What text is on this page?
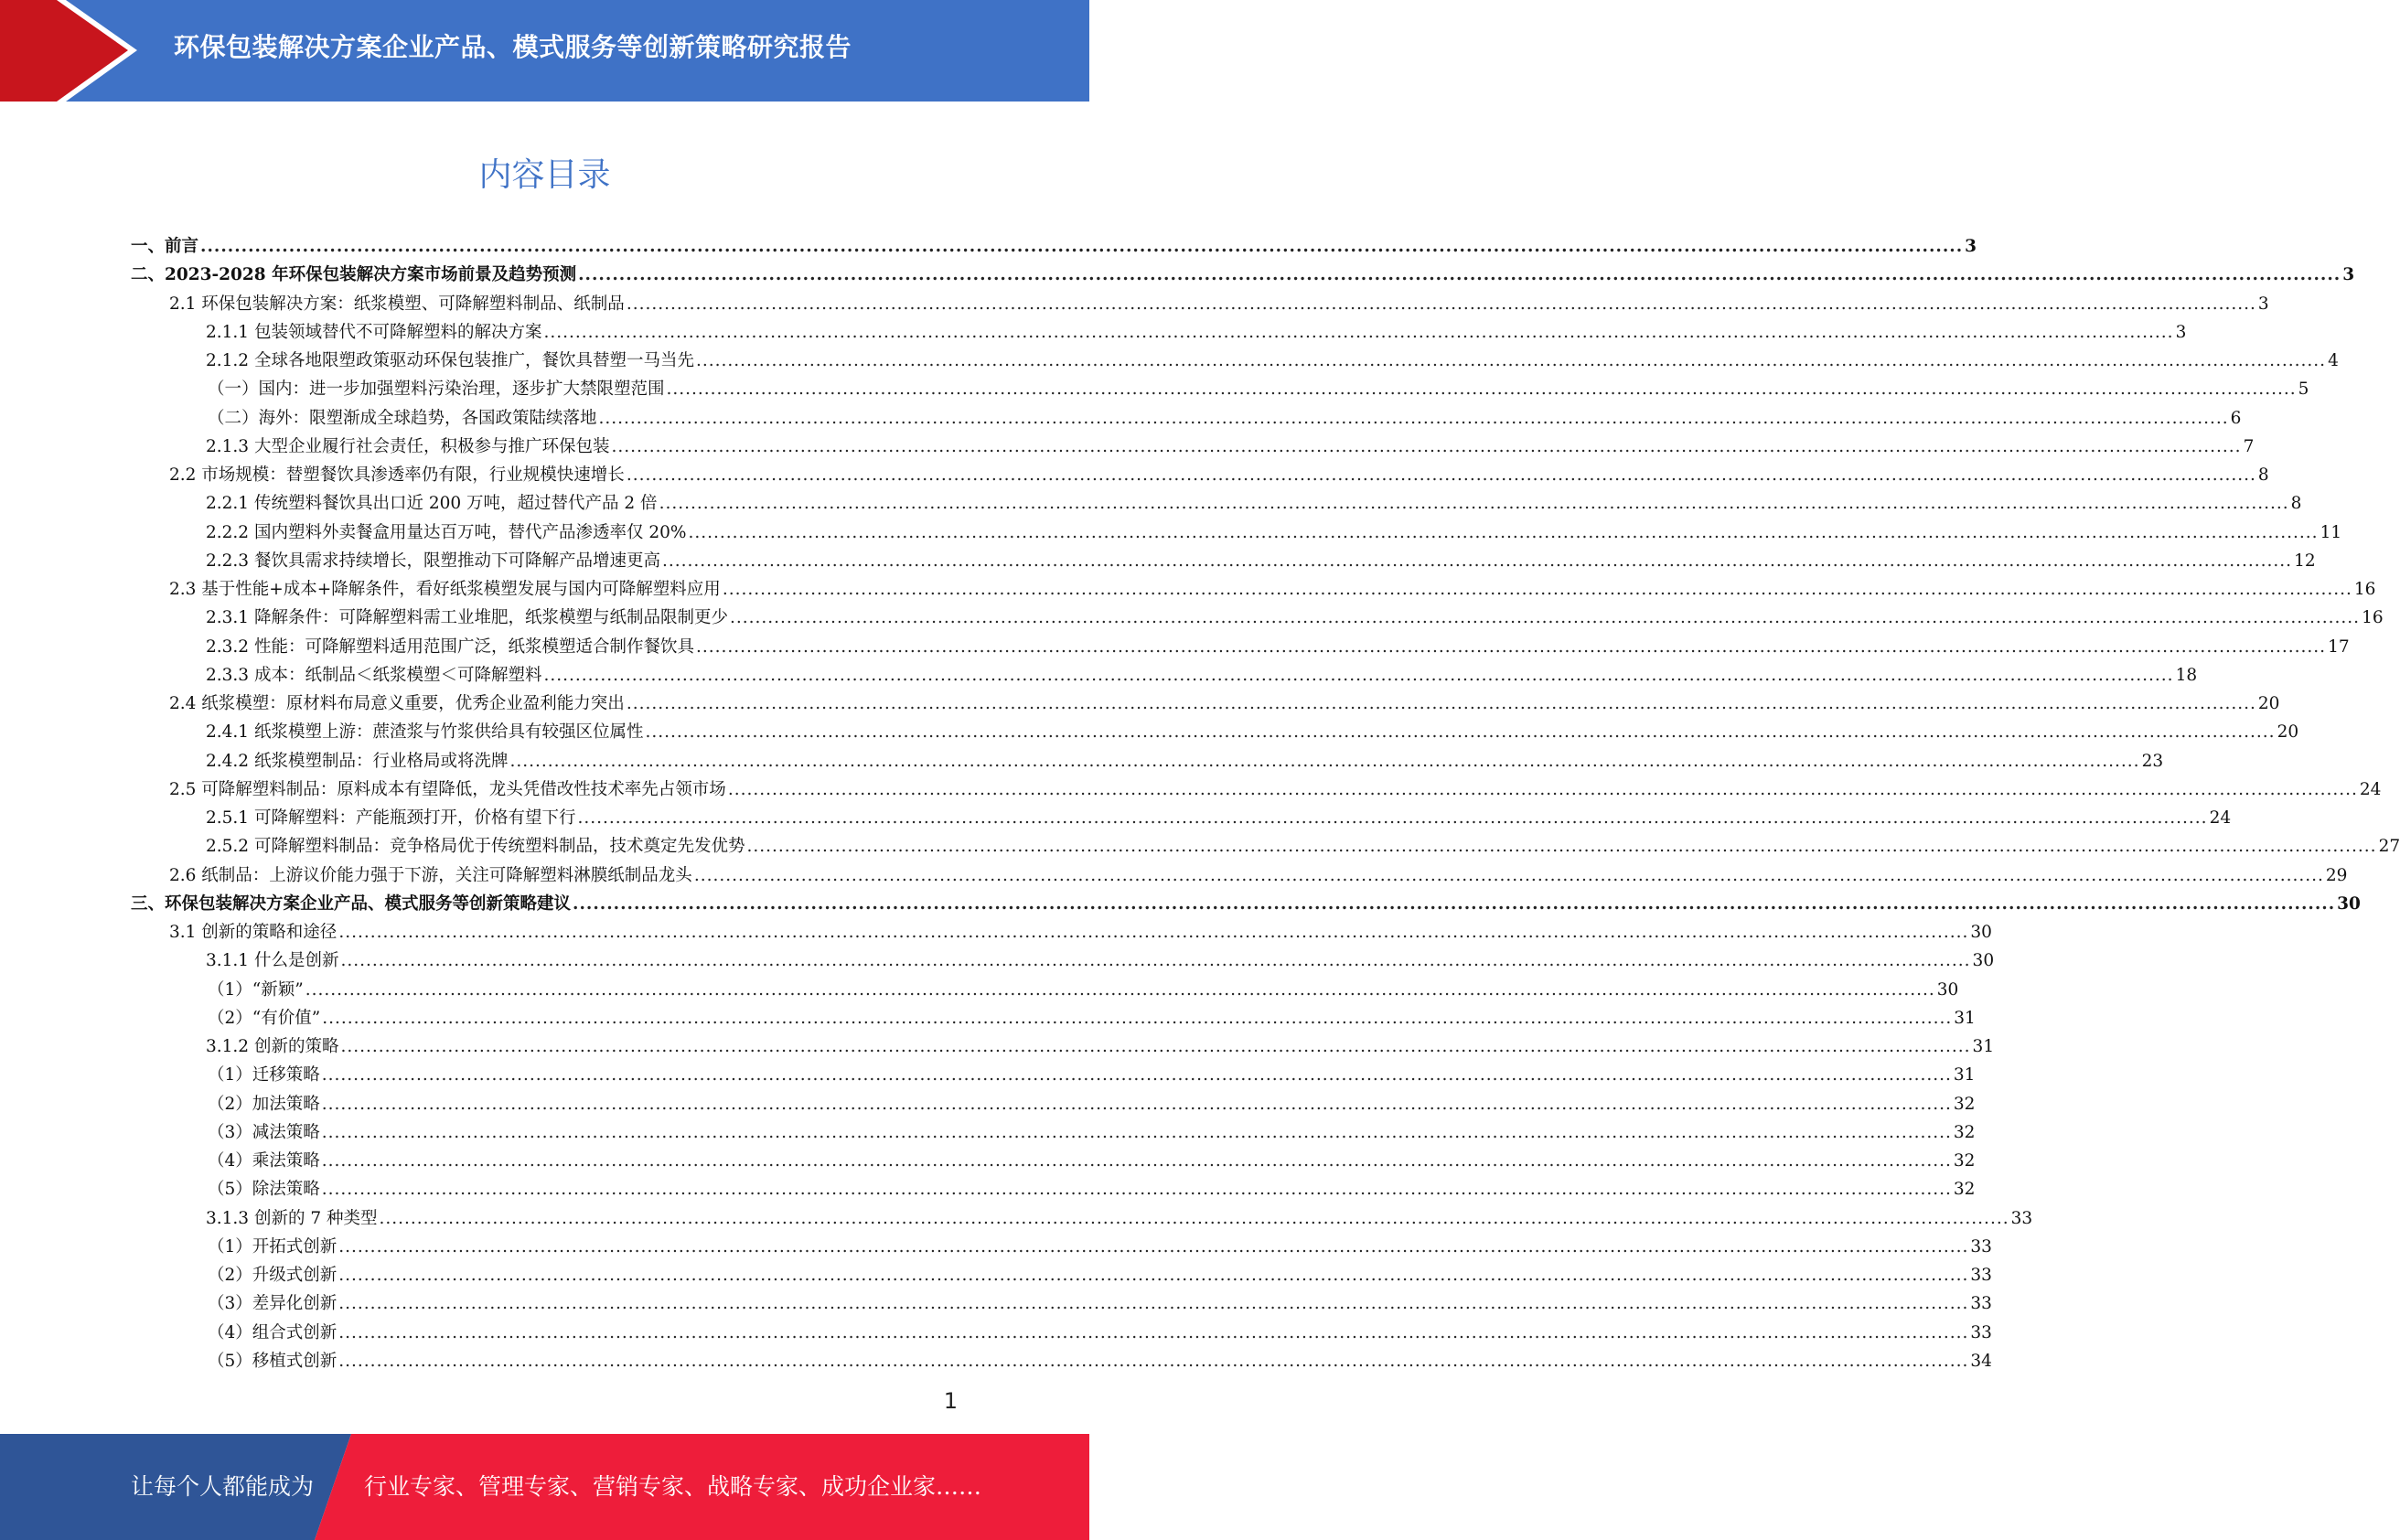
环保包装解决方案企业产品、模式服务等创新策略研究报告
内容目录
一、前言 .....	3
二、2023-2028 年环保包装解决方案市场前景及趋势预测 .....	3
2.1 环保包装解决方案：纸浆模塑、可降解塑料制品、纸制品 .....	3
2.1.1 包装领域替代不可降解塑料的解决方案 .....	3
2.1.2 全球各地限塑政策驱动环保包装推广，餐饮具替塑一马当先 .....	4
（一）国内：进一步加强塑料污染治理，逐步扩大禁限塑范围 .....	5
（二）海外：限塑渐成全球趋势，各国政策陆续落地 .....	6
2.1.3 大型企业履行社会责任，积极参与推广环保包装 .....	7
2.2 市场规模：替塑餐饮具渗透率仍有限，行业规模快速增长 .....	8
2.2.1 传统塑料餐饮具出口近 200 万吨，超过替代产品 2 倍 .....	8
2.2.2 国内塑料外卖餐盒用量达百万吨，替代产品渗透率仅 20% .....	11
2.2.3 餐饮具需求持续增长，限塑推动下可降解产品增速更高 .....	12
2.3 基于性能+成本+降解条件，看好纸浆模塑发展与国内可降解塑料应用 .....	16
2.3.1 降解条件：可降解塑料需工业堆肥，纸浆模塑与纸制品限制更少 .....	16
2.3.2 性能：可降解塑料适用范围广泛，纸浆模塑适合制作餐饮具 .....	17
2.3.3 成本：纸制品＜纸浆模塑＜可降解塑料 .....	18
2.4 纸浆模塑：原材料布局意义重要，优秀企业盈利能力突出 .....	20
2.4.1 纸浆模塑上游：蔗渣浆与竹浆供给具有较强区位属性 .....	20
2.4.2 纸浆模塑制品：行业格局或将洗牌 .....	23
2.5 可降解塑料制品：原料成本有望降低，龙头凭借改性技术率先占领市场 .....	24
2.5.1 可降解塑料：产能瓶颈打开，价格有望下行 .....	24
2.5.2 可降解塑料制品：竞争格局优于传统塑料制品，技术奠定先发优势 .....	27
2.6 纸制品：上游议价能力强于下游，关注可降解塑料淋膜纸制品龙头 .....	29
三、环保包装解决方案企业产品、模式服务等创新策略建议 .....	30
3.1 创新的策略和途径 .....	30
3.1.1 什么是创新 .....	30
（1）“新颖” .....	30
（2）“有价值” .....	31
3.1.2 创新的策略 .....	31
（1）迁移策略 .....	31
（2）加法策略 .....	32
（3）减法策略 .....	32
（4）乘法策略 .....	32
（5）除法策略 .....	32
3.1.3 创新的 7 种类型 .....	33
（1）开拓式创新 .....	33
（2）升级式创新 .....	33
（3）差异化创新 .....	33
（4）组合式创新 .....	33
（5）移植式创新 .....	34
1
让每个人都能成为 行业专家、管理专家、营销专家、战略专家、成功企业家……
